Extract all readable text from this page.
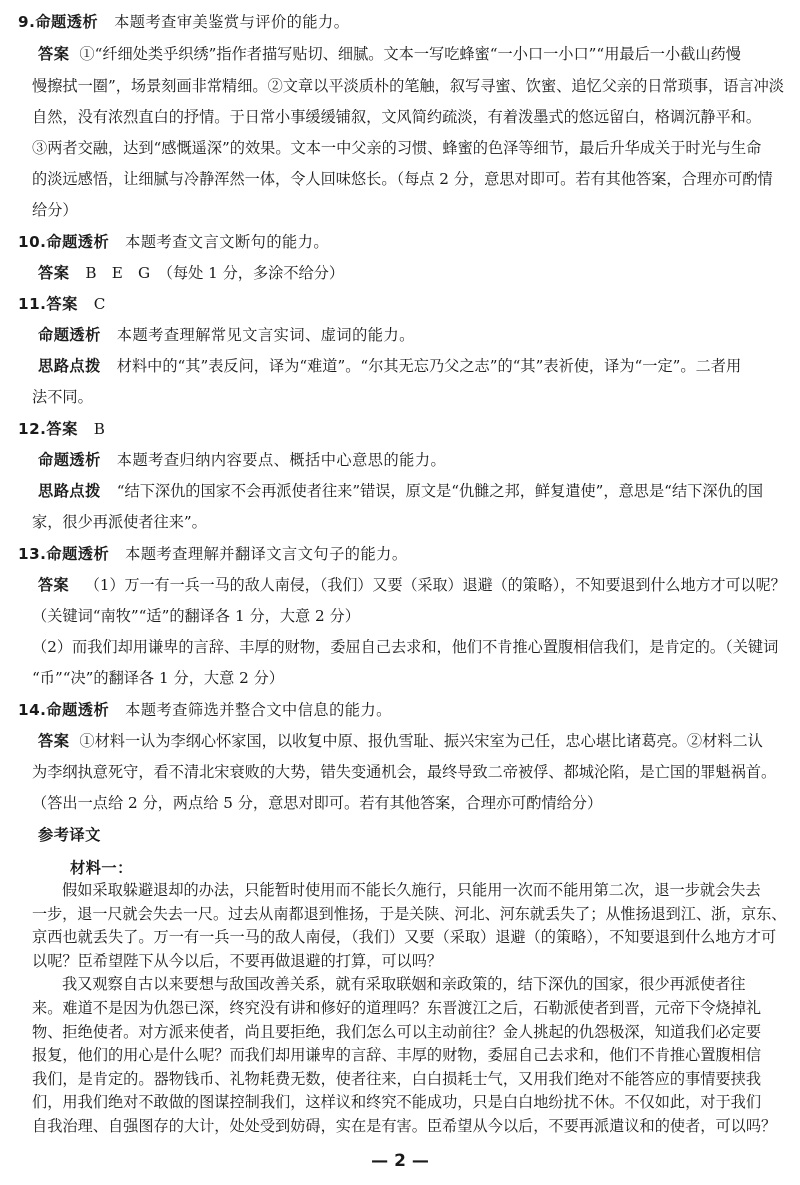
9.命题透析 本题考查审美鉴赏与评价的能力。
答案 ①“纤细处类乎织绣”指作者描写贴切、细腻。文本一写吃蜂蜜“一小口一小口”“用最后一小截山药慢
慢擦拭一圈”，场景刻画非常精细。②文章以平淡质朴的笔触，叙写寻蜜、饮蜜、追忆父亲的日常琐事，语言冲淡
自然，没有浓烈直白的抒情。于日常小事缓缓铺叙，文风简约疏淡，有着泼墨式的悠远留白，格调沉静平和。
③两者交融，达到“感慨遥深”的效果。文本一中父亲的习惯、蜂蜜的色泽等细节，最后升华成关于时光与生命
的淡远感悟，让细腻与冷静浑然一体，令人回味悠长。（每点 2 分，意思对即可。若有其他答案，合理亦可酌情
给分）
10.命题透析 本题考查文言文断句的能力。
答案 B　E　G　（每处 1 分，多涂不给分）
11.答案 C
命题透析 本题考查理解常见文言实词、虚词的能力。
思路点拨 材料中的“其”表反问，译为“难道”。“尔其无忘乃父之志”的“其”表祈使，译为“一定”。二者用
法不同。
12.答案 B
命题透析 本题考查归纳内容要点、概括中心意思的能力。
思路点拨 “结下深仇的国家不会再派使者往来”错误，原文是“仇雠之邦，鲜复遣使”，意思是“结下深仇的国
家，很少再派使者往来”。
13.命题透析 本题考查理解并翻译文言文句子的能力。
答案 （1）万一有一兵一马的敌人南侵，（我们）又要（采取）退避（的策略），不知要退到什么地方才可以呢？
（关键词“南牧”“适”的翻译各 1 分，大意 2 分）
（2）而我们却用谦卑的言辞、丰厚的财物，委屈自己去求和，他们不肯推心置腹相信我们，是肯定的。（关键词
“币”“决”的翻译各 1 分，大意 2 分）
14.命题透析 本题考查筛选并整合文中信息的能力。
答案 ①材料一认为李纲心怀家国，以收复中原、报仇雪耻、振兴宋室为己任，忠心堪比诸葛亮。②材料二认
为李纲执意死守，看不清北宋衰败的大势，错失变通机会，最终导致二帝被俘、都城沦陷，是亡国的罪魁祸首。
（答出一点给 2 分，两点给 5 分，意思对即可。若有其他答案，合理亦可酌情给分）
参考译文
材料一：
假如采取躲避退却的办法，只能暂时使用而不能长久施行，只能用一次而不能用第二次，退一步就会失去
一步，退一尺就会失去一尺。过去从南都退到惟扬，于是关陕、河北、河东就丢失了；从惟扬退到江、浙，京东、
京西也就丢失了。万一有一兵一马的敌人南侵，（我们）又要（采取）退避（的策略），不知要退到什么地方才可
以呢？臣希望陛下从今以后，不要再做退避的打算，可以吗？
我又观察自古以来要想与敌国改善关系，就有采取联姻和亲政策的，结下深仇的国家，很少再派使者往
来。难道不是因为仇怨已深，终究没有讲和修好的道理吗？东晋渡江之后，石勒派使者到晋，元帝下令烧掉礼
物、拒绝使者。对方派来使者，尚且要拒绝，我们怎么可以主动前往？金人挑起的仇怨极深，知道我们必定要
报复，他们的用心是什么呢？而我们却用谦卑的言辞、丰厚的财物，委屈自己去求和，他们不肯推心置腹相信
我们，是肯定的。器物钱币、礼物耗费无数，使者往来，白白损耗士气，又用我们绝对不能答应的事情要挟我
们，用我们绝对不敢做的图谋控制我们，这样议和终究不能成功，只是白白地纷扰不休。不仅如此，对于我们
自我治理、自强图存的大计，处处受到妨碍，实在是有害。臣希望从今以后，不要再派遣议和的使者，可以吗？
— 2 —
